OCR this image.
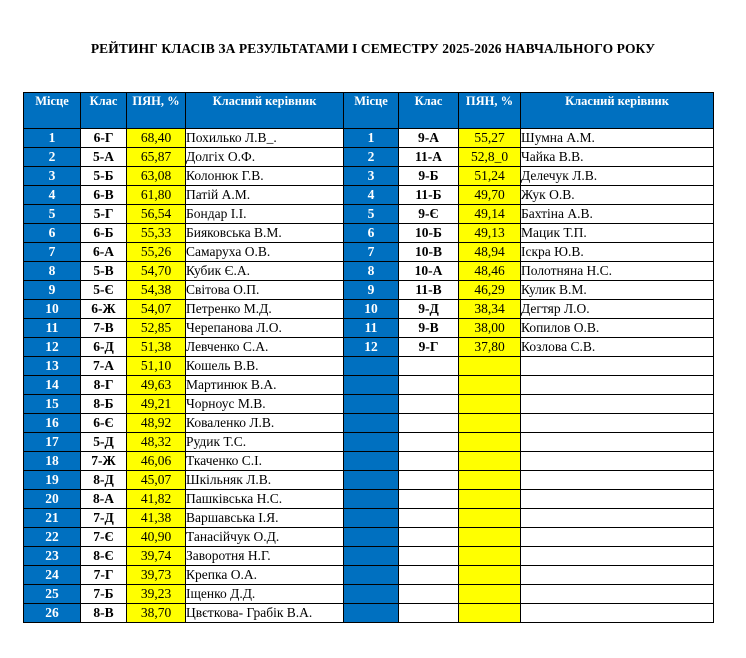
РЕЙТИНГ КЛАСІВ ЗА РЕЗУЛЬТАТАМИ І СЕМЕСТРУ 2025-2026 НАВЧАЛЬНОГО РОКУ
Місце	Клас	ПЯН, %	Класний керівник	Місце	Клас	ПЯН, %	Класний керівник
1	6-Г	68,40	Похилько Л.В_.	1	9-А	55,27	Шумна А.М.
2	5-А	65,87	Долгіх О.Ф.	2	11-А	52,8_0	Чайка В.В.
3	5-Б	63,08	Колонюк Г.В.	3	9-Б	51,24	Делечук Л.В.
4	6-В	61,80	Патій А.М.	4	11-Б	49,70	Жук О.В.
5	5-Г	56,54	Бондар І.І.	5	9-Є	49,14	Бахтіна А.В.
6	6-Б	55,33	Бияковська В.М.	6	10-Б	49,13	Мацик Т.П.
7	6-А	55,26	Самаруха О.В.	7	10-В	48,94	Іскра Ю.В.
8	5-В	54,70	Кубик Є.А.	8	10-А	48,46	Полотняна Н.С.
9	5-Є	54,38	Світова О.П.	9	11-В	46,29	Кулик В.М.
10	6-Ж	54,07	Петренко М.Д.	10	9-Д	38,34	Дегтяр Л.О.
11	7-В	52,85	Черепанова Л.О.	11	9-В	38,00	Копилов О.В.
12	6-Д	51,38	Левченко С.А.	12	9-Г	37,80	Козлова С.В.
13	7-А	51,10	Кошель В.В.				
14	8-Г	49,63	Мартинюк В.А.				
15	8-Б	49,21	Чорноус М.В.				
16	6-Є	48,92	Коваленко Л.В.				
17	5-Д	48,32	Рудик Т.С.				
18	7-Ж	46,06	Ткаченко С.І.				
19	8-Д	45,07	Шкільняк Л.В.				
20	8-А	41,82	Пашківська Н.С.				
21	7-Д	41,38	Варшавська І.Я.				
22	7-Є	40,90	Танасійчук О.Д.				
23	8-Є	39,74	Заворотня Н.Г.				
24	7-Г	39,73	Крепка О.А.				
25	7-Б	39,23	Іщенко Д.Д.				
26	8-В	38,70	Цвєткова- Грабік В.А.				
